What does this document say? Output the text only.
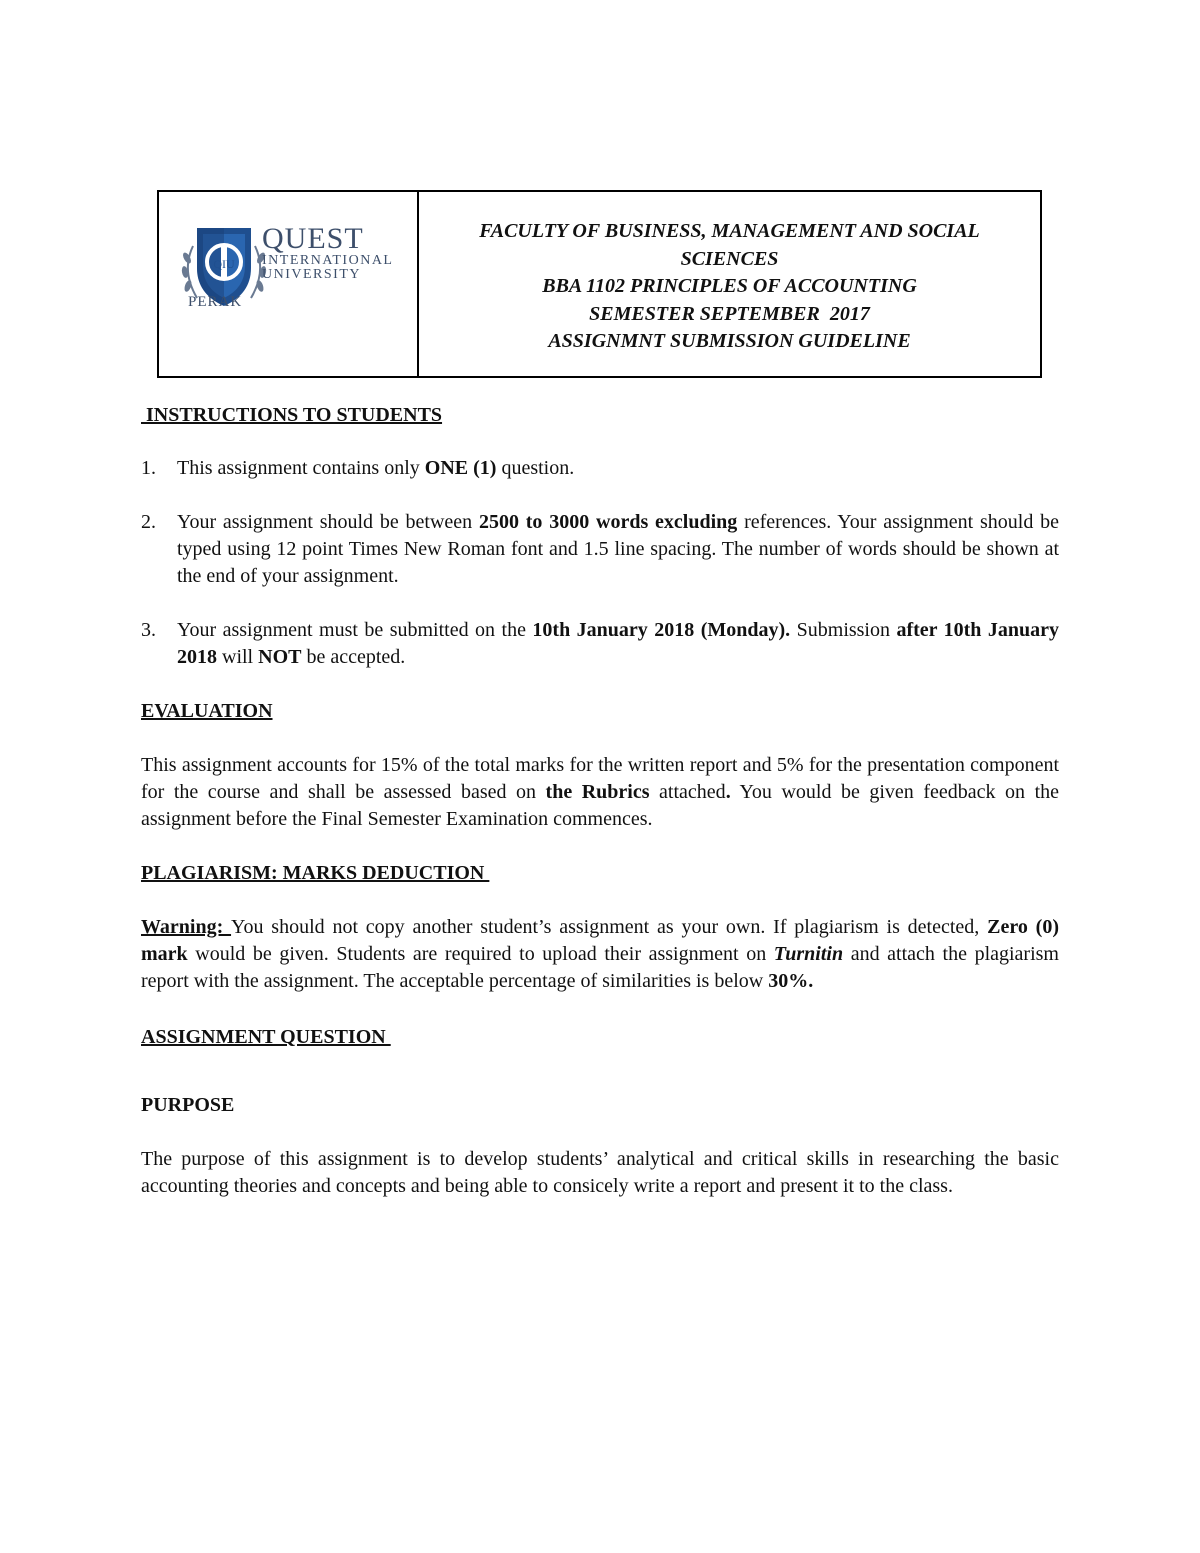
QIU
QUEST
INTERNATIONAL
UNIVERSITY
PERAK
FACULTY OF BUSINESS, MANAGEMENT AND SOCIAL
SCIENCES
BBA 1102 PRINCIPLES OF ACCOUNTING
SEMESTER SEPTEMBER  2017
ASSIGNMNT SUBMISSION GUIDELINE

INSTRUCTIONS TO STUDENTS

1.	This assignment contains only ONE (1) question.
2.	Your assignment should be between 2500 to 3000 words excluding references. Your assignment should be typed using 12 point Times New Roman font and 1.5 line spacing. The number of words should be shown at the end of your assignment.
3.	Your assignment must be submitted on the 10th January 2018 (Monday). Submission after 10th January 2018 will NOT be accepted.

EVALUATION

This assignment accounts for 15% of the total marks for the written report and 5% for the presentation component for the course and shall be assessed based on the Rubrics attached. You would be given feedback on the assignment before the Final Semester Examination commences.

PLAGIARISM: MARKS DEDUCTION

Warning: You should not copy another student’s assignment as your own. If plagiarism is detected, Zero (0) mark would be given. Students are required to upload their assignment on Turnitin and attach the plagiarism report with the assignment. The acceptable percentage of similarities is below 30%.

ASSIGNMENT QUESTION

PURPOSE

The purpose of this assignment is to develop students’ analytical and critical skills in researching the basic accounting theories and concepts and being able to consicely write a report and present it to the class.
